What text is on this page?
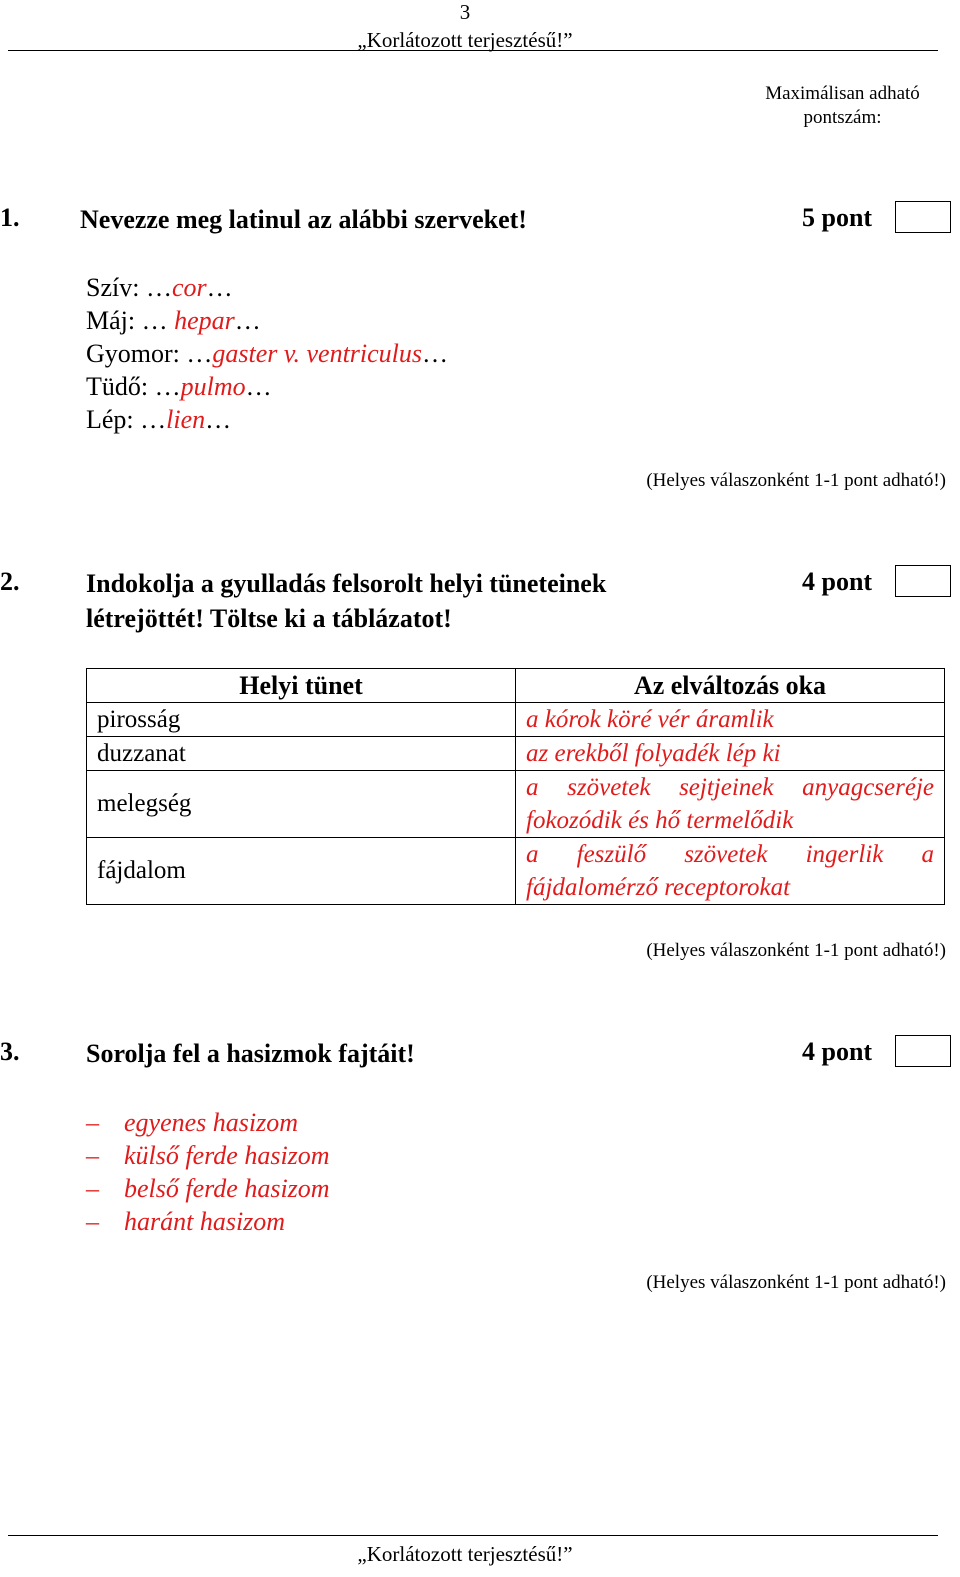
3
„Korlátozott terjesztésű!”
Maximálisan adható
pontszám:
1. Nevezze meg latinul az alábbi szerveket!	5 pont
Szív: …cor…
Máj: … hepar…
Gyomor: …gaster v. ventriculus…
Tüdő: …pulmo…
Lép: …lien…
(Helyes válaszonként 1-1 pont adható!)
2.	Indokolja a gyulladás felsorolt helyi tüneteinek
létrejöttét! Töltse ki a táblázatot!
4 pont
Helyi tünet	Az elváltozás oka
pirosság	a kórok köré vér áramlik
duzzanat	az erekből folyadék lép ki
melegség	a szövetek sejtjeinek anyagcseréje fokozódik és hő termelődik
fájdalom	a feszülő szövetek ingerlik a fájdalomérző receptorokat
(Helyes válaszonként 1-1 pont adható!)
3.	Sorolja fel a hasizmok fajtáit!	4 pont
– egyenes hasizom
– külső ferde hasizom
– belső ferde hasizom
– haránt hasizom
(Helyes válaszonként 1-1 pont adható!)
„Korlátozott terjesztésű!”
